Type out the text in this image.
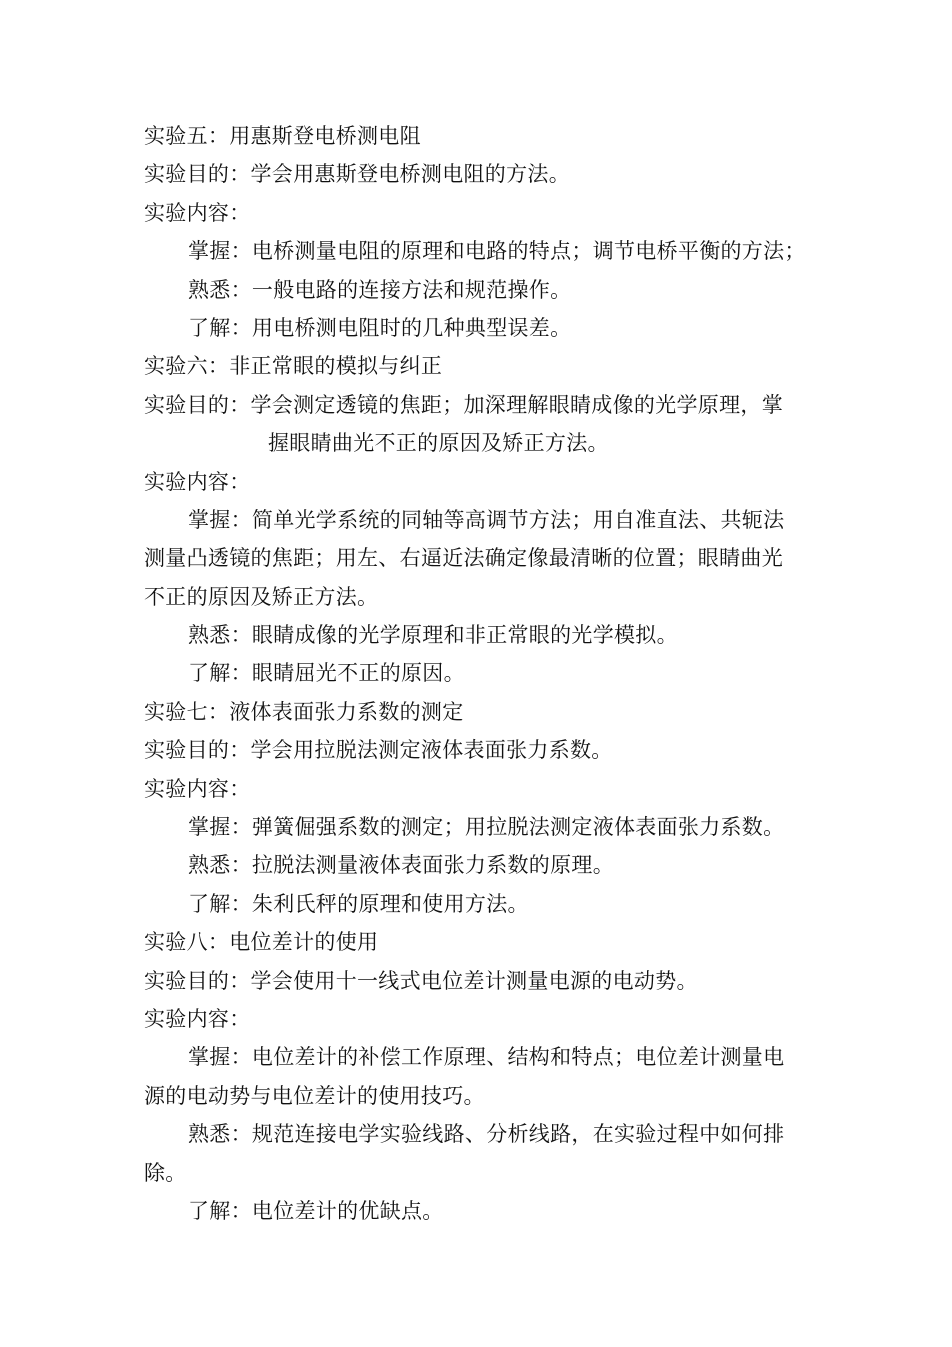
实验五：用惠斯登电桥测电阻
实验目的：学会用惠斯登电桥测电阻的方法。
实验内容：
掌握：电桥测量电阻的原理和电路的特点；调节电桥平衡的方法；
熟悉：一般电路的连接方法和规范操作。
了解：用电桥测电阻时的几种典型误差。
实验六：非正常眼的模拟与纠正
实验目的：学会测定透镜的焦距；加深理解眼睛成像的光学原理，掌
握眼睛曲光不正的原因及矫正方法。
实验内容：
掌握：简单光学系统的同轴等高调节方法；用自准直法、共轭法
测量凸透镜的焦距；用左、右逼近法确定像最清晰的位置；眼睛曲光
不正的原因及矫正方法。
熟悉：眼睛成像的光学原理和非正常眼的光学模拟。
了解：眼睛屈光不正的原因。
实验七：液体表面张力系数的测定
实验目的：学会用拉脱法测定液体表面张力系数。
实验内容：
掌握：弹簧倔强系数的测定；用拉脱法测定液体表面张力系数。
熟悉：拉脱法测量液体表面张力系数的原理。
了解：朱利氏秤的原理和使用方法。
实验八：电位差计的使用
实验目的：学会使用十一线式电位差计测量电源的电动势。
实验内容：
掌握：电位差计的补偿工作原理、结构和特点；电位差计测量电
源的电动势与电位差计的使用技巧。
熟悉：规范连接电学实验线路、分析线路，在实验过程中如何排
除。
了解：电位差计的优缺点。
